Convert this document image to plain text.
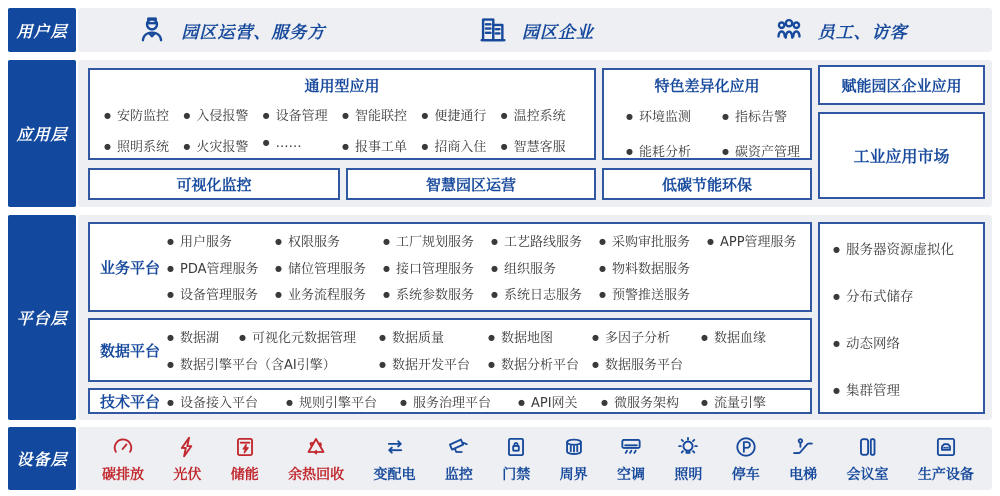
用户层	园区运营、服务方	园区企业	员工、访客
应用层
通用型应用
● 安防监控	● 入侵报警	● 设备管理	● 智能联控	● 便捷通行	● 温控系统
● 照明系统	● 火灾报警	● ……	● 报事工单	● 招商入住	● 智慧客服
特色差异化应用
● 环境监测	● 指标告警
● 能耗分析	● 碳资产管理
赋能园区企业应用
工业应用市场
可视化监控	智慧园区运营	低碳节能环保
平台层
业务平台
● 用户服务	● 权限服务	● 工厂规划服务	● 工艺路线服务	● 采购审批服务	● APP管理服务
● PDA管理服务	● 储位管理服务	● 接口管理服务	● 组织服务	● 物料数据服务
● 设备管理服务	● 业务流程服务	● 系统参数服务	● 系统日志服务	● 预警推送服务
数据平台
● 数据湖	● 可视化元数据管理	● 数据质量	● 数据地图	● 多因子分析	● 数据血缘
● 数据引擎平台（含AI引擎）	● 数据开发平台	● 数据分析平台	● 数据服务平台
技术平台	● 设备接入平台	● 规则引擎平台	● 服务治理平台	● API网关	● 微服务架构	● 流量引擎
● 服务器资源虚拟化
● 分布式储存
● 动态网络
● 集群管理
设备层
碳排放 光伏 储能 余热回收 变配电 监控 门禁 周界 空调 照明 停车 电梯 会议室 生产设备
